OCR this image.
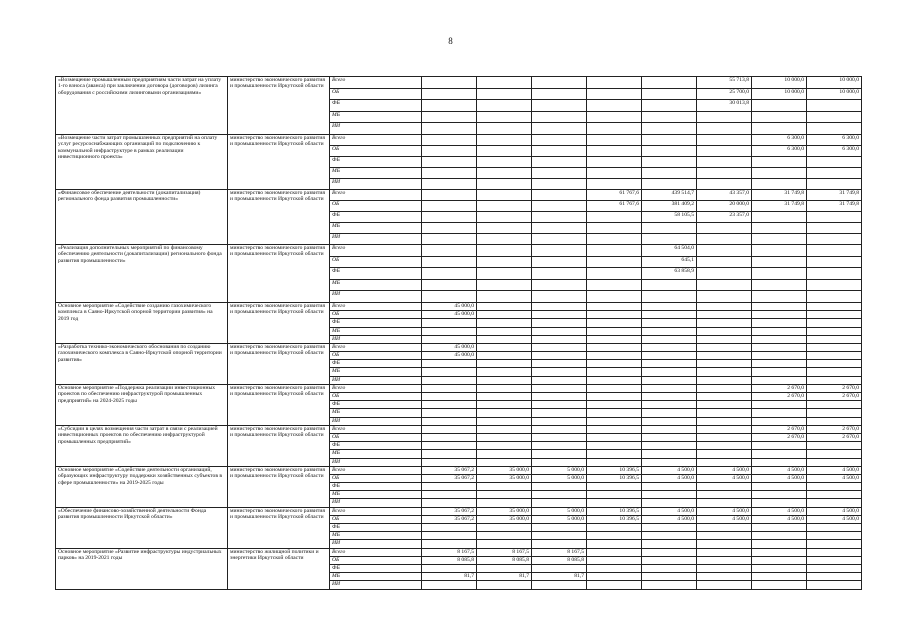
8
«Возмещение промышленным предприятиям части затрат на уплату 1-го взноса (аванса) при заключении договора (договоров) лизинга оборудования с российскими лизинговыми организациями»	министерство экономического развития и промышленности Иркутской области	Всего						55 713,8	10 000,0	10 000,0
		ОБ						25 700,0	10 000,0	10 000,0
		ФБ						30 013,8		
		МБ								
		ИИ								
«Возмещение части затрат промышленных предприятий на оплату услуг ресурсоснабжающих организаций по подключению к коммунальной инфраструктуре в рамках реализации инвестиционного проекта»	министерство экономического развития и промышленности Иркутской области	Всего							6 300,0	6 300,0
		ОБ							6 300,0	6 300,0
		ФБ								
		МБ								
		ИИ								
«Финансовое обеспечение деятельности (докапитализация) регионального фонда развития промышленности»	министерство экономического развития и промышленности Иркутской области	Всего				61 767,6	439 514,7	43 357,0	31 749,8	31 749,8
		ОБ				61 767,6	381 409,2	20 000,0	31 749,8	31 749,8
		ФБ					58 105,5	23 357,0		
		МБ								
		ИИ								
«Реализация дополнительных мероприятий по финансовому обеспечению деятельности (докапитализации) регионального фонда развития промышленности»	министерство экономического развития и промышленности Иркутской области	Всего					64 504,0			
		ОБ					645,1			
		ФБ					63 858,9			
		МБ								
		ИИ								
Основное мероприятие «Содействие созданию газохимического комплекса в Саяно-Иркутской опорной территории развития» на 2019 год	министерство экономического развития и промышленности Иркутской области	Всего	45 000,0							
		ОБ	45 000,0							
		ФБ								
		МБ								
		ИИ								
«Разработка технико-экономического обоснования по созданию газохимического комплекса в Саяно-Иркутской опорной территории развития»	министерство экономического развития и промышленности Иркутской области	Всего	45 000,0							
		ОБ	45 000,0							
		ФБ								
		МБ								
		ИИ								
Основное мероприятие «Поддержка реализации инвестиционных проектов по обеспечению инфраструктурой промышленных предприятий» на 2024-2025 годы	министерство экономического развития и промышленности Иркутской области	Всего							2 670,0	2 670,0
		ОБ							2 670,0	2 670,0
		ФБ								
		МБ								
		ИИ								
«Субсидии в целях возмещения части затрат в связи с реализацией инвестиционных проектов по обеспечению инфраструктурой промышленных предприятий»	министерство экономического развития и промышленности Иркутской области	Всего							2 670,0	2 670,0
		ОБ							2 670,0	2 670,0
		ФБ								
		МБ								
		ИИ								
Основное мероприятие «Содействие деятельности организаций, образующих инфраструктуру поддержки хозяйственных субъектов в сфере промышленности» на 2019-2025 годы	министерство экономического развития и промышленности Иркутской области	Всего	35 067,2	35 000,0	5 000,0	10 396,5	4 500,0	4 500,0	4 500,0	4 500,0
		ОБ	35 067,2	35 000,0	5 000,0	10 396,5	4 500,0	4 500,0	4 500,0	4 500,0
		ФБ								
		МБ								
		ИИ								
«Обеспечение финансово-хозяйственной деятельности Фонда развития промышленности Иркутской области»	министерство экономического развития и промышленности Иркутской области	Всего	35 067,2	35 000,0	5 000,0	10 396,5	4 500,0	4 500,0	4 500,0	4 500,0
		ОБ	35 067,2	35 000,0	5 000,0	10 396,5	4 500,0	4 500,0	4 500,0	4 500,0
		ФБ								
		МБ								
		ИИ								
Основное мероприятие «Развитие инфраструктуры индустриальных парков» на 2019-2021 годы	министерство жилищной политики и энергетики Иркутской области	Всего	8 167,5	8 167,5	8 167,5					
		ОБ	8 085,8	8 085,8	8 085,8					
		ФБ								
		МБ	81,7	81,7	81,7					
		ИИ								
